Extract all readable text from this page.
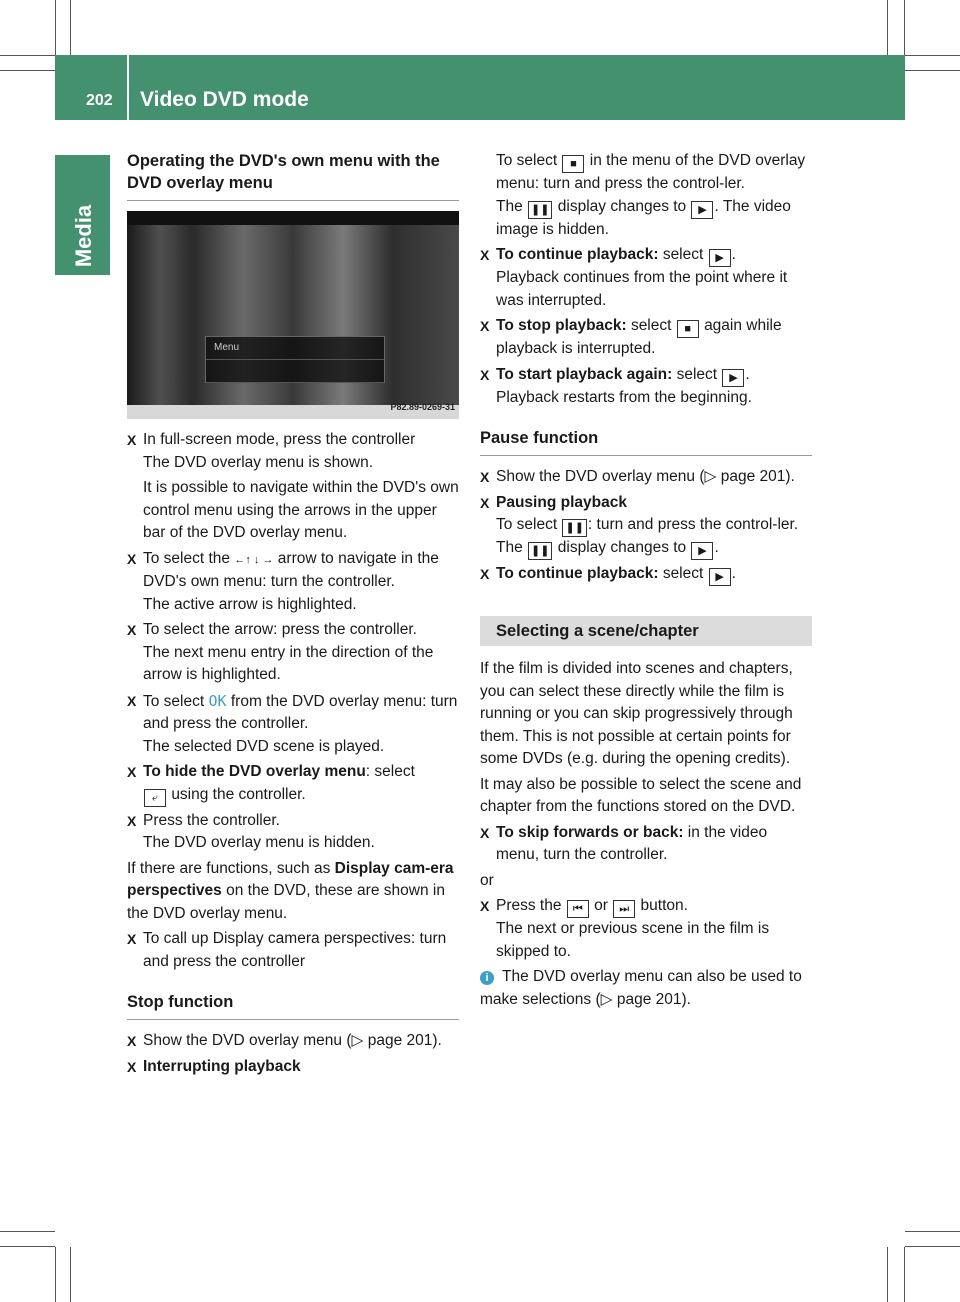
202 Video DVD mode
Media
Operating the DVD's own menu with the DVD overlay menu
Menu
P82.89-0269-31
X In full-screen mode, press the controller
The DVD overlay menu is shown.
It is possible to navigate within the DVD's own control menu using the arrows in the upper bar of the DVD overlay menu.
X To select the ←↑ ↓ → arrow to navigate in the DVD's own menu: turn the controller.
The active arrow is highlighted.
X To select the arrow: press the controller.
The next menu entry in the direction of the arrow is highlighted.
X To select OK from the DVD overlay menu: turn and press the controller.
The selected DVD scene is played.
X To hide the DVD overlay menu: select
⤶ using the controller.
X Press the controller.
The DVD overlay menu is hidden.

If there are functions, such as Display cam-era perspectives on the DVD, these are shown in the DVD overlay menu.

X To call up Display camera perspectives: turn and press the controller
Stop function
X Show the DVD overlay menu (▷ page 201).
X Interrupting playback
To select ■ in the menu of the DVD overlay menu: turn and press the control-ler.
The ❚❚ display changes to ▶ . The video image is hidden.
X To continue playback: select ▶ .
Playback continues from the point where it was interrupted.
X To stop playback: select ■ again while playback is interrupted.
X To start playback again: select ▶ .
Playback restarts from the beginning.
Pause function
X Show the DVD overlay menu (▷ page 201).
X Pausing playback
To select ❚❚ : turn and press the control-ler.
The ❚❚ display changes to ▶ .
X To continue playback: select ▶ .
Selecting a scene/chapter

If the film is divided into scenes and chapters, you can select these directly while the film is running or you can skip progressively through them. This is not possible at certain points for some DVDs (e.g. during the opening credits).

It may also be possible to select the scene and chapter from the functions stored on the DVD.

X To skip forwards or back: in the video menu, turn the controller.

or

X Press the ⏮ or ⏭ button.
The next or previous scene in the film is skipped to.
i The DVD overlay menu can also be used to make selections (▷ page 201).
